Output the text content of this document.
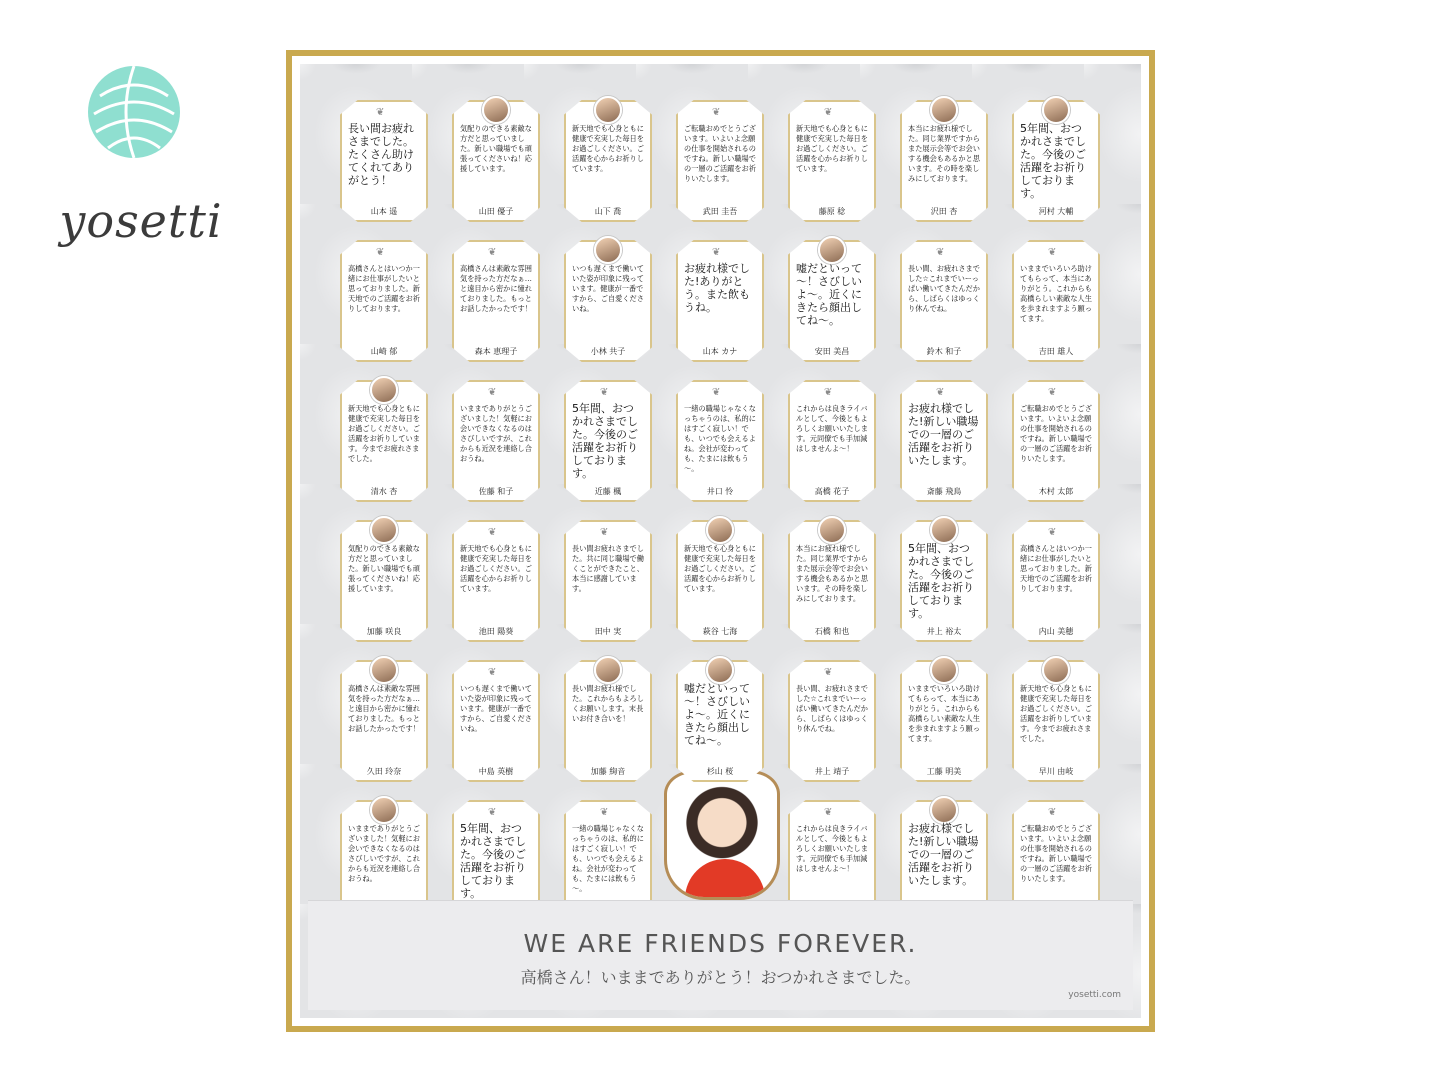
yosetti
❦
長い間お疲れさまでした。たくさん助けてくれてありがとう！
山本 遥
気配りのできる素敵な方だと思っていました。新しい職場でも頑張ってくださいね！応援しています。
山田 優子
新天地でも心身ともに健康で充実した毎日をお過ごしください。ご活躍を心からお祈りしています。
山下 喬
❦
ご転職おめでとうございます。いよいよ念願の仕事を開始されるのですね。新しい職場での一層のご活躍をお祈りいたします。
武田 圭吾
❦
新天地でも心身ともに健康で充実した毎日をお過ごしください。ご活躍を心からお祈りしています。
藤原 稔
本当にお疲れ様でした。同じ業界ですからまた展示会等でお会いする機会もあるかと思います。その時を楽しみにしております。
沢田 杏
5年間、おつかれさまでした。今後のご活躍をお祈りしております。
河村 大輔
❦
高橋さんとはいつか一緒にお仕事がしたいと思っておりました。新天地でのご活躍をお祈りしております。
山崎 郁
❦
高橋さんは素敵な雰囲気を持った方だなぁ…と遠目から密かに憧れておりました。もっとお話したかったです！
森本 恵理子
いつも遅くまで働いていた姿が印象に残っています。健康が一番ですから、ご自愛くださいね。
小林 共子
❦
お疲れ様でした!ありがとう。また飲もうね。
山本 カナ
嘘だといって～！さびしいよ～。近くにきたら顔出してね～。
安田 美昌
❦
長い間、お疲れさまでした☆これまでいーっぱい働いてきたんだから、しばらくはゆっくり休んでね。
鈴木 和子
❦
いままでいろいろ助けてもらって、本当にありがとう。これからも高橋らしい素敵な人生を歩まれますよう願ってます。
吉田 雄人
新天地でも心身ともに健康で充実した毎日をお過ごしください。ご活躍をお祈りしています。今までお疲れさまでした。
清水 杏
❦
いままでありがとうございました！気軽にお会いできなくなるのはさびしいですが、これからも近況を連絡し合おうね。
佐藤 和子
❦
5年間、おつかれさまでした。今後のご活躍をお祈りしております。
近藤 楓
❦
一緒の職場じゃなくなっちゃうのは、私的にはすごく寂しい！でも、いつでも会えるよね。会社が変わっても、たまには飲もう～。
井口 怜
❦
これからは良きライバルとして、今後ともよろしくお願いいたします。元同僚でも手加減はしませんよ～！
高橋 花子
❦
お疲れ様でした!新しい職場での一層のご活躍をお祈りいたします。
斎藤 飛鳥
❦
ご転職おめでとうございます。いよいよ念願の仕事を開始されるのですね。新しい職場での一層のご活躍をお祈りいたします。
木村 太郎
気配りのできる素敵な方だと思っていました。新しい職場でも頑張ってくださいね！応援しています。
加藤 咲良
❦
新天地でも心身ともに健康で充実した毎日をお過ごしください。ご活躍を心からお祈りしています。
池田 陽葵
❦
長い間お疲れさまでした。共に同じ職場で働くことができたこと、本当に感謝しています。
田中 実
新天地でも心身ともに健康で充実した毎日をお過ごしください。ご活躍を心からお祈りしています。
萩谷 七海
本当にお疲れ様でした。同じ業界ですからまた展示会等でお会いする機会もあるかと思います。その時を楽しみにしております。
石橋 和也
5年間、おつかれさまでした。今後のご活躍をお祈りしております。
井上 裕太
❦
高橋さんとはいつか一緒にお仕事がしたいと思っておりました。新天地でのご活躍をお祈りしております。
内山 美穂
高橋さんは素敵な雰囲気を持った方だなぁ…と遠目から密かに憧れておりました。もっとお話したかったです！
久田 玲奈
❦
いつも遅くまで働いていた姿が印象に残っています。健康が一番ですから、ご自愛くださいね。
中島 英樹
長い間お疲れ様でした。これからもよろしくお願いします。末長いお付き合いを！
加藤 絢音
嘘だといって～！さびしいよ～。近くにきたら顔出してね～。
杉山 桜
❦
長い間、お疲れさまでした☆これまでいーっぱい働いてきたんだから、しばらくはゆっくり休んでね。
井上 靖子
いままでいろいろ助けてもらって、本当にありがとう。これからも高橋らしい素敵な人生を歩まれますよう願ってます。
工藤 明美
新天地でも心身ともに健康で充実した毎日をお過ごしください。ご活躍をお祈りしています。今までお疲れさまでした。
早川 由岐
いままでありがとうございました！気軽にお会いできなくなるのはさびしいですが、これからも近況を連絡し合おうね。
❦
5年間、おつかれさまでした。今後のご活躍をお祈りしております。
❦
一緒の職場じゃなくなっちゃうのは、私的にはすごく寂しい！でも、いつでも会えるよね。会社が変わっても、たまには飲もう～。
❦
これからは良きライバルとして、今後ともよろしくお願いいたします。元同僚でも手加減はしませんよ～！
お疲れ様でした!新しい職場での一層のご活躍をお祈りいたします。
❦
ご転職おめでとうございます。いよいよ念願の仕事を開始されるのですね。新しい職場での一層のご活躍をお祈りいたします。
WE ARE FRIENDS FOREVER.
高橋さん！いままでありがとう！おつかれさまでした。
yosetti.com
